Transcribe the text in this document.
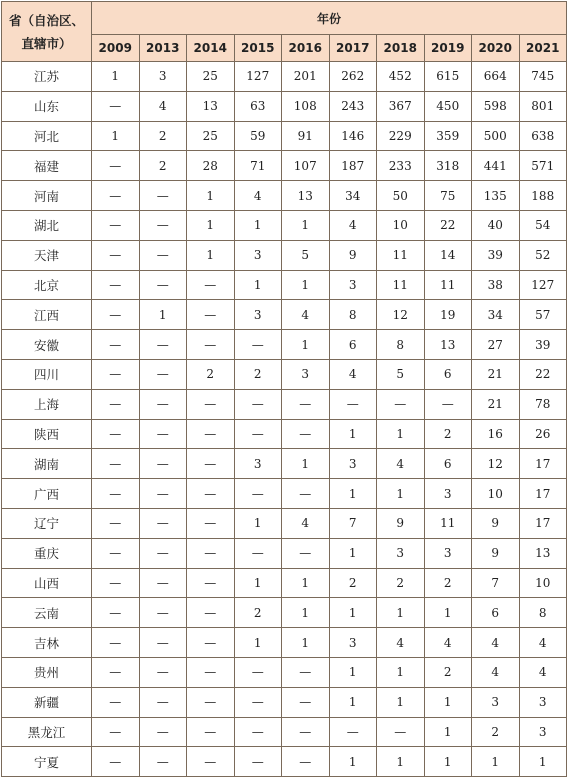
省（自治区、
直辖市）	年份									
	2009	2013	2014	2015	2016	2017	2018	2019	2020	2021
江苏	1	3	25	127	201	262	452	615	664	745
山东	—	4	13	63	108	243	367	450	598	801
河北	1	2	25	59	91	146	229	359	500	638
福建	—	2	28	71	107	187	233	318	441	571
河南	—	—	1	4	13	34	50	75	135	188
湖北	—	—	1	1	1	4	10	22	40	54
天津	—	—	1	3	5	9	11	14	39	52
北京	—	—	—	1	1	3	11	11	38	127
江西	—	1	—	3	4	8	12	19	34	57
安徽	—	—	—	—	1	6	8	13	27	39
四川	—	—	2	2	3	4	5	6	21	22
上海	—	—	—	—	—	—	—	—	21	78
陕西	—	—	—	—	—	1	1	2	16	26
湖南	—	—	—	3	1	3	4	6	12	17
广西	—	—	—	—	—	1	1	3	10	17
辽宁	—	—	—	1	4	7	9	11	9	17
重庆	—	—	—	—	—	1	3	3	9	13
山西	—	—	—	1	1	2	2	2	7	10
云南	—	—	—	2	1	1	1	1	6	8
吉林	—	—	—	1	1	3	4	4	4	4
贵州	—	—	—	—	—	1	1	2	4	4
新疆	—	—	—	—	—	1	1	1	3	3
黑龙江	—	—	—	—	—	—	—	1	2	3
宁夏	—	—	—	—	—	1	1	1	1	1
